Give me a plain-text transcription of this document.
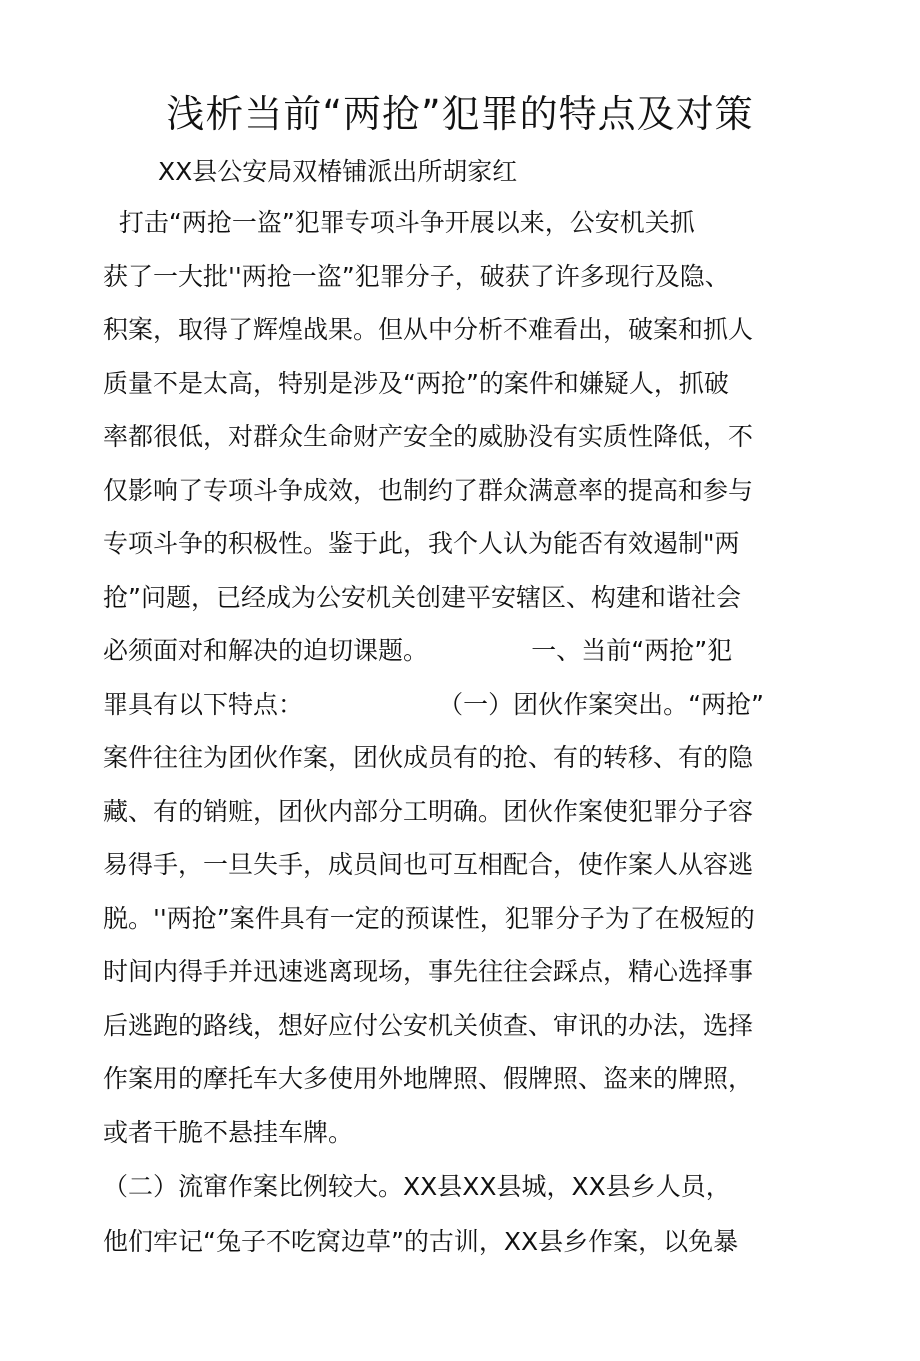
浅析当前“两抢”犯罪的特点及对策
XX县公安局双椿铺派出所胡家红
打击“两抢一盗”犯罪专项斗争开展以来，公安机关抓
获了一大批''两抢一盗”犯罪分子，破获了许多现行及隐、
积案，取得了辉煌战果。但从中分析不难看出，破案和抓人
质量不是太高，特别是涉及“两抢”的案件和嫌疑人，抓破
率都很低，对群众生命财产安全的威胁没有实质性降低，不
仅影响了专项斗争成效，也制约了群众满意率的提高和参与
专项斗争的积极性。鉴于此，我个人认为能否有效遏制"两
抢”问题，已经成为公安机关创建平安辖区、构建和谐社会
必须面对和解决的迫切课题。             一、当前“两抢”犯
罪具有以下特点：                 （一）团伙作案突出。“两抢”
案件往往为团伙作案，团伙成员有的抢、有的转移、有的隐
藏、有的销赃，团伙内部分工明确。团伙作案使犯罪分子容
易得手，一旦失手，成员间也可互相配合，使作案人从容逃
脱。''两抢”案件具有一定的预谋性，犯罪分子为了在极短的
时间内得手并迅速逃离现场，事先往往会踩点，精心选择事
后逃跑的路线，想好应付公安机关侦查、审讯的办法，选择
作案用的摩托车大多使用外地牌照、假牌照、盗来的牌照，
或者干脆不悬挂车牌。
（二）流窜作案比例较大。XX县XX县城，XX县乡人员，
他们牢记“兔子不吃窝边草”的古训，XX县乡作案，以免暴
